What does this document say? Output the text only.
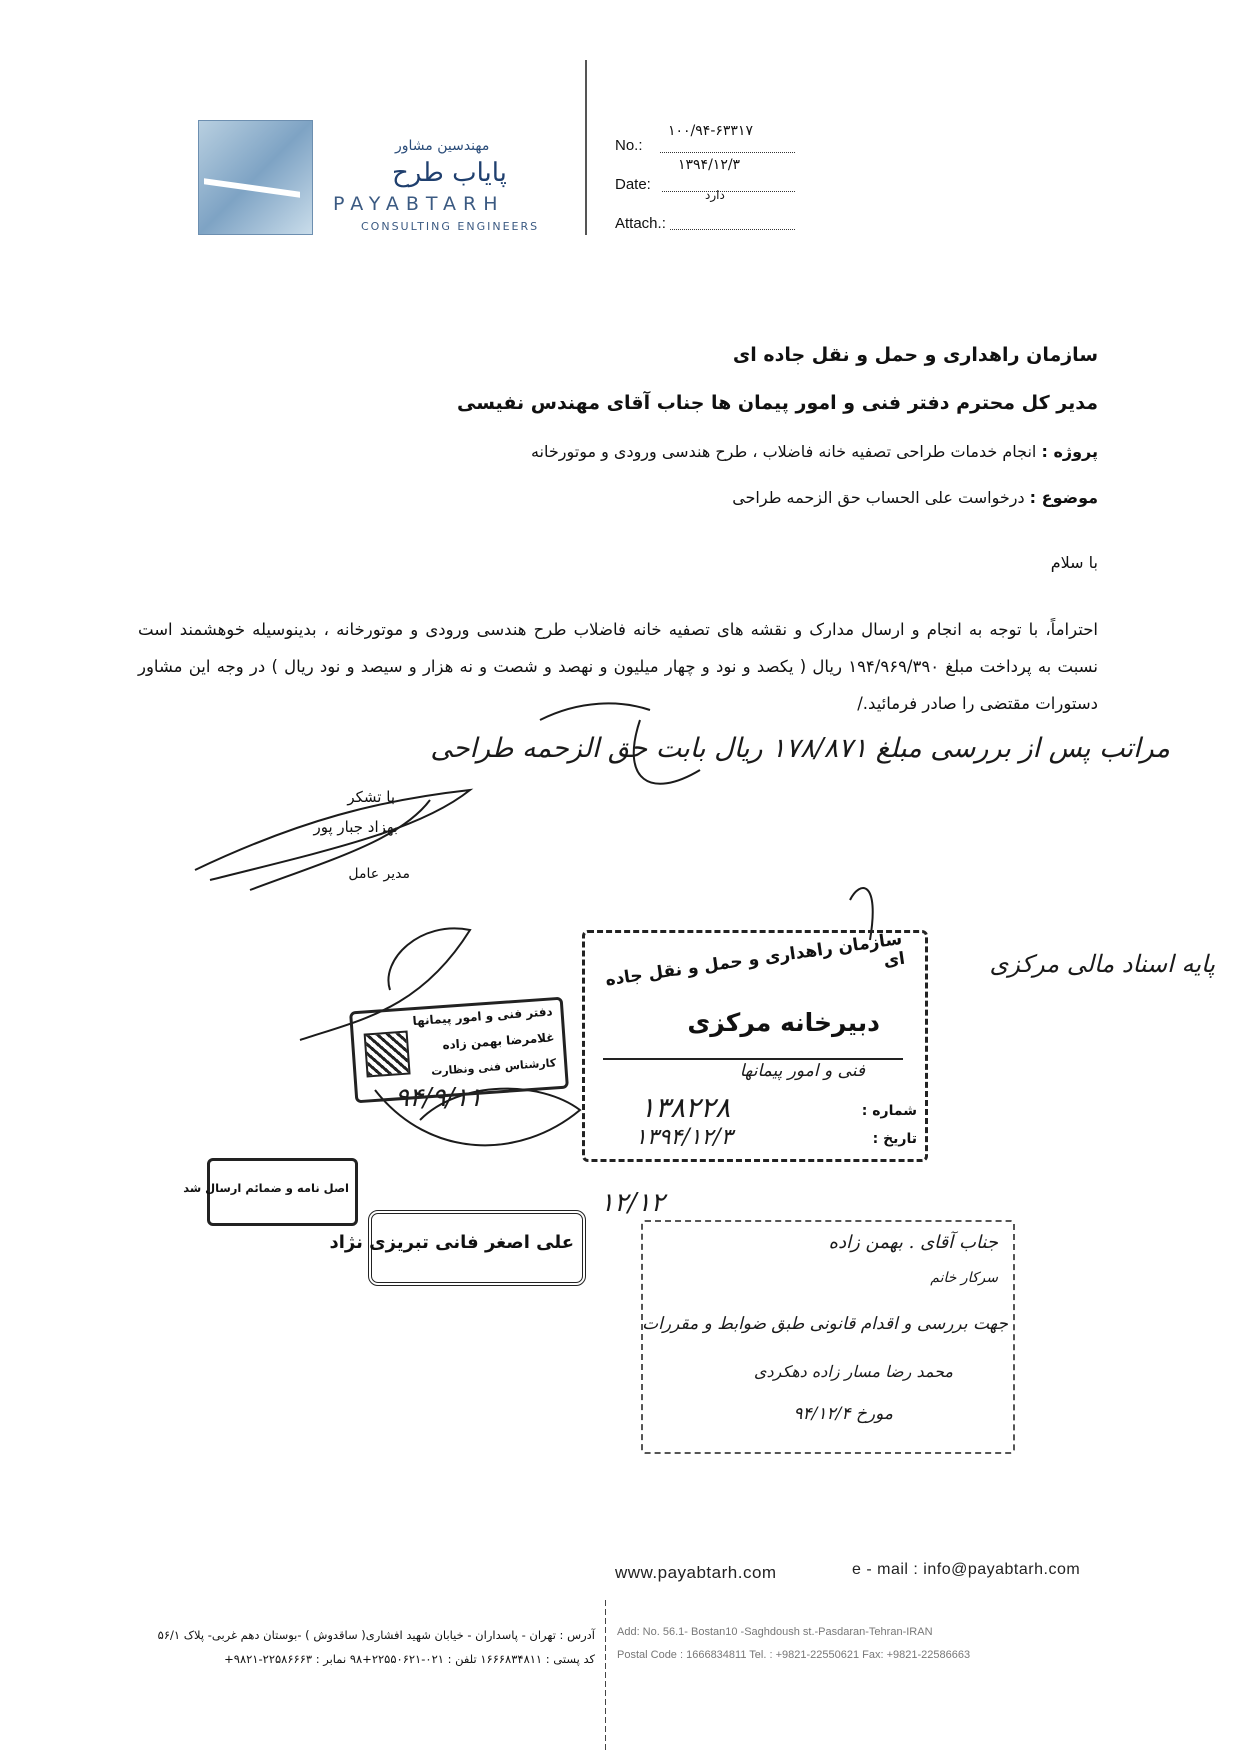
مهندسین مشاور
پایاب طرح
PAYABTARH
CONSULTING ENGINEERS
No.:
۱۰۰/۹۴-۶۳۳۱۷
Date:
۱۳۹۴/۱۲/۳
Attach.:
دارد
سازمان راهداری و حمل و نقل جاده ای
مدیر کل محترم دفتر فنی و امور پیمان ها جناب آقای مهندس نفیسی
پروژه : انجام خدمات طراحی تصفیه خانه فاضلاب ، طرح هندسی ورودی و موتورخانه
موضوع : درخواست علی الحساب حق الزحمه طراحی
با سلام
احتراماً، با توجه به انجام و ارسال مدارک و نقشه های تصفیه خانه فاضلاب طرح هندسی ورودی و موتورخانه ، بدینوسیله خوهشمند است نسبت به پرداخت مبلغ ۱۹۴/۹۶۹/۳۹۰ ریال ( یکصد و نود و چهار میلیون و نهصد و شصت و نه هزار و سیصد و نود ریال ) در وجه این مشاور دستورات مقتضی را صادر فرمائید./
مراتب پس از بررسی مبلغ ۱۷۸/۸۷۱ ریال بابت حق الزحمه طراحی
با تشکر
بهزاد جبار پور
مدیر عامل
پایه اسناد مالی مرکزی
۹۴/۹/۱۱
۱۲/۱۲
دفتر فنی و امور پیمانها
غلامرضا بهمن زاده
کارشناس فنی ونظارت
سازمان راهداری و حمل و نقل جاده ای
دبیرخانه مرکزی
فنی و امور پیمانها
شماره :
۱۳۸۲۲۸
تاریخ :
۱۳۹۴/۱۲/۳
اصل نامه و ضمائم ارسال شد
علی اصغر فانی تبریزی نژاد	جناب آقای . بهمن زاده
سرکار خانم
جهت بررسی و اقدام قانونی طبق ضوابط و مقررات
محمد رضا مسار زاده دهکردی
مورخ ۹۴/۱۲/۴
www.payabtarh.com	e - mail : info@payabtarh.com
Add: No. 56.1- Bostan10 -Saghdoush st.-Pasdaran-Tehran-IRAN
Postal Code : 1666834811 Tel. : +9821-22550621 Fax: +9821-22586663
آدرس : تهران - پاسداران - خیابان شهید افشاری( ساقدوش ) -بوستان دهم غربی- پلاک ۵۶/۱
کد پستی : ۱۶۶۶۸۳۴۸۱۱ تلفن : ۰۲۱-۲۲۵۵۰۶۲۱+۹۸ نمابر : ۲۲۵۸۶۶۶۳-۹۸۲۱+
